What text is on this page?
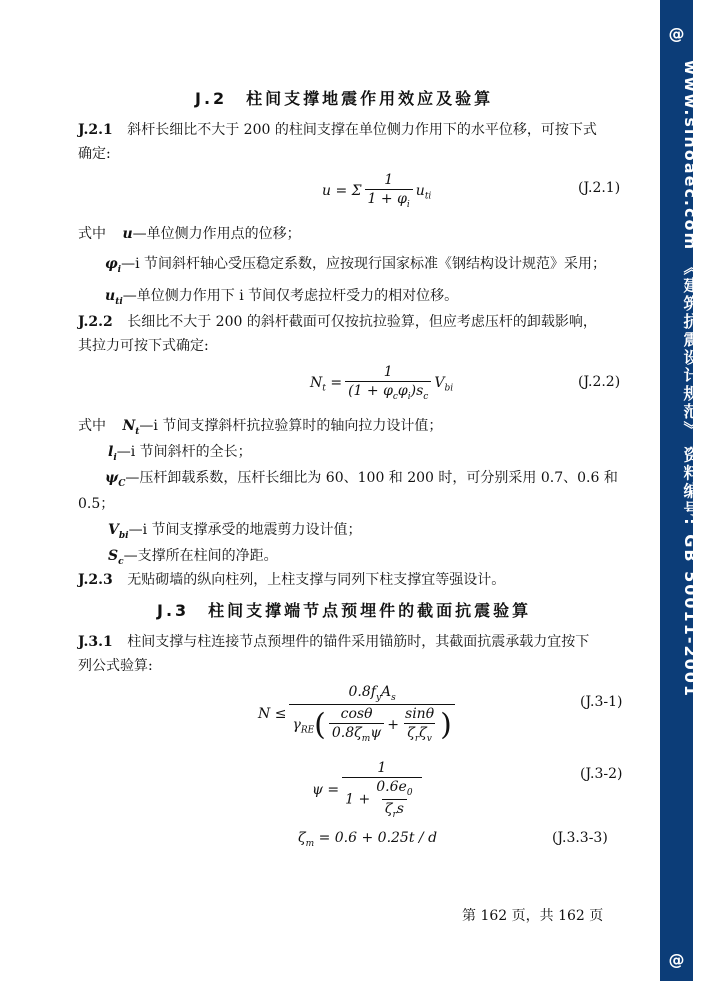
J.2　柱间支撑地震作用效应及验算
J.2.1 斜杆长细比不大于 200 的柱间支撑在单位侧力作用下的水平位移，可按下式
确定:
u = Σ $\frac{1}{1 + \varphi_i} u_{ti}$
(J.2.1)
式中 u—单位侧力作用点的位移；
$\varphi_i—i$ 节间斜杆轴心受压稳定系数，应按现行国家标准《钢结构设计规范》采用；
$u_{ti}—$单位侧力作用下 i 节间仅考虑拉杆受力的相对位移。
J.2.2 长细比不大于 200 的斜杆截面可仅按抗拉验算，但应考虑压杆的卸载影响，
其拉力可按下式确定:
$N_t = \frac{1}{(1 + \varphi_c\varphi_i)s_c} V_{bi}$	(J.2.2)
式中 $N_t—i$ 节间支撑斜杆抗拉验算时的轴向拉力设计值；
$l_i—i$ 节间斜杆的全长；
$\psi_C—$压杆卸载系数，压杆长细比为 60、100 和 200 时，可分别采用 0.7、0.6 和
0.5；
$V_{bi}—i$ 节间支撑承受的地震剪力设计值；
$S_c—$支撑所在柱间的净距。
J.2.3 无贴砌墙的纵向柱列，上柱支撑与同列下柱支撑宜等强设计。
J.3　柱间支撑端节点预埋件的截面抗震验算
J.3.1 柱间支撑与柱连接节点预埋件的锚件采用锚筋时，其截面抗震承载力宜按下
列公式验算:
$N \le \frac{0.8f_yA_s}{\gamma_{RE}( \frac{\cos\theta}{0.8\zeta_m\psi} + \frac{\sin\theta}{\zeta_r\zeta_v} )}$	(J.3-1)
$\psi = \frac{1}{1 + \frac{0.6e_0}{\zeta_rs}}$	(J.3-2)
$\zeta_m = 0.6 + 0.25t / d$	(J.3.3-3)
第 162 页，共 162 页
@
www.sinoaec.com 《建筑抗震设计规范》 资料编号: GB 50011-2001
@
